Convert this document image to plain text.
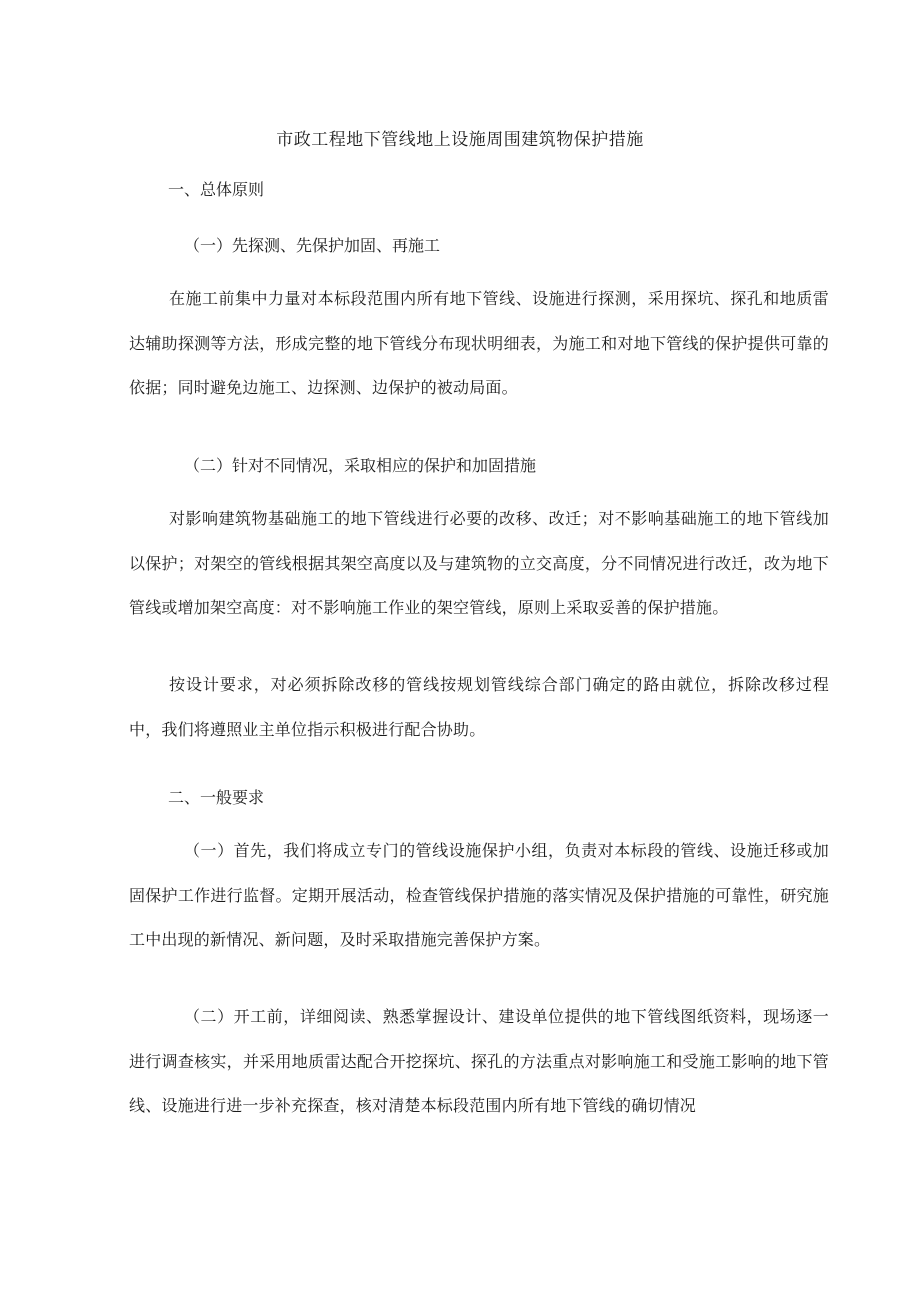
市政工程地下管线地上设施周围建筑物保护措施
一、总体原则
（一）先探测、先保护加固、再施工

在施工前集中力量对本标段范围内所有地下管线、设施进行探测，采用探坑、探孔和地质雷达辅助探测等方法，形成完整的地下管线分布现状明细表，为施工和对地下管线的保护提供可靠的依据；同时避免边施工、边探测、边保护的被动局面。

（二）针对不同情况，采取相应的保护和加固措施

对影响建筑物基础施工的地下管线进行必要的改移、改迁；对不影响基础施工的地下管线加以保护；对架空的管线根据其架空高度以及与建筑物的立交高度，分不同情况进行改迁，改为地下管线或增加架空高度：对不影响施工作业的架空管线，原则上采取妥善的保护措施。

按设计要求，对必须拆除改移的管线按规划管线综合部门确定的路由就位，拆除改移过程中，我们将遵照业主单位指示积极进行配合协助。

二、一般要求

（一）首先，我们将成立专门的管线设施保护小组，负责对本标段的管线、设施迁移或加固保护工作进行监督。定期开展活动，检查管线保护措施的落实情况及保护措施的可靠性，研究施工中出现的新情况、新问题，及时采取措施完善保护方案。

（二）开工前，详细阅读、熟悉掌握设计、建设单位提供的地下管线图纸资料，现场逐一进行调查核实，并采用地质雷达配合开挖探坑、探孔的方法重点对影响施工和受施工影响的地下管线、设施进行进一步补充探查，核对清楚本标段范围内所有地下管线的确切情况
